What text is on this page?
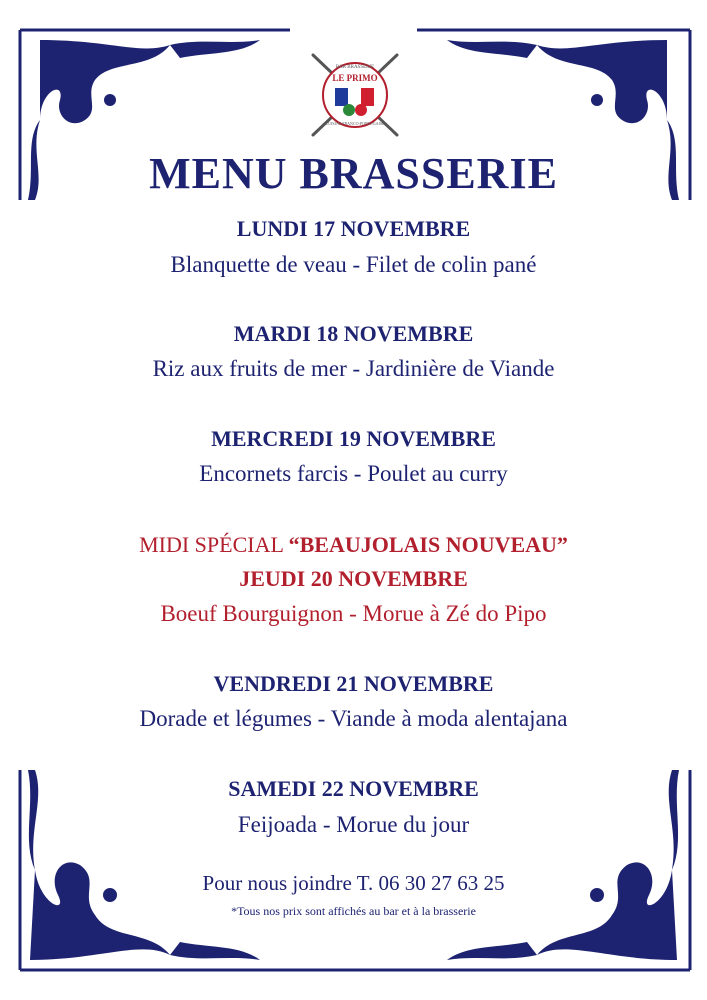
LE PRIMO
BAR BRASSERIE
CUISINE FRANCO-PORTUGAISE
MENU BRASSERIE
LUNDI 17 NOVEMBRE
Blanquette de veau - Filet de colin pané
MARDI 18 NOVEMBRE
Riz aux fruits de mer - Jardinière de Viande
MERCREDI 19 NOVEMBRE
Encornets farcis - Poulet au curry
MIDI SPÉCIAL “BEAUJOLAIS NOUVEAU”
JEUDI 20 NOVEMBRE
Boeuf Bourguignon - Morue à Zé do Pipo
VENDREDI 21 NOVEMBRE
Dorade et légumes - Viande à moda alentajana
SAMEDI 22 NOVEMBRE
Feijoada - Morue du jour
Pour nous joindre T. 06 30 27 63 25
*Tous nos prix sont affichés au bar et à la brasserie
